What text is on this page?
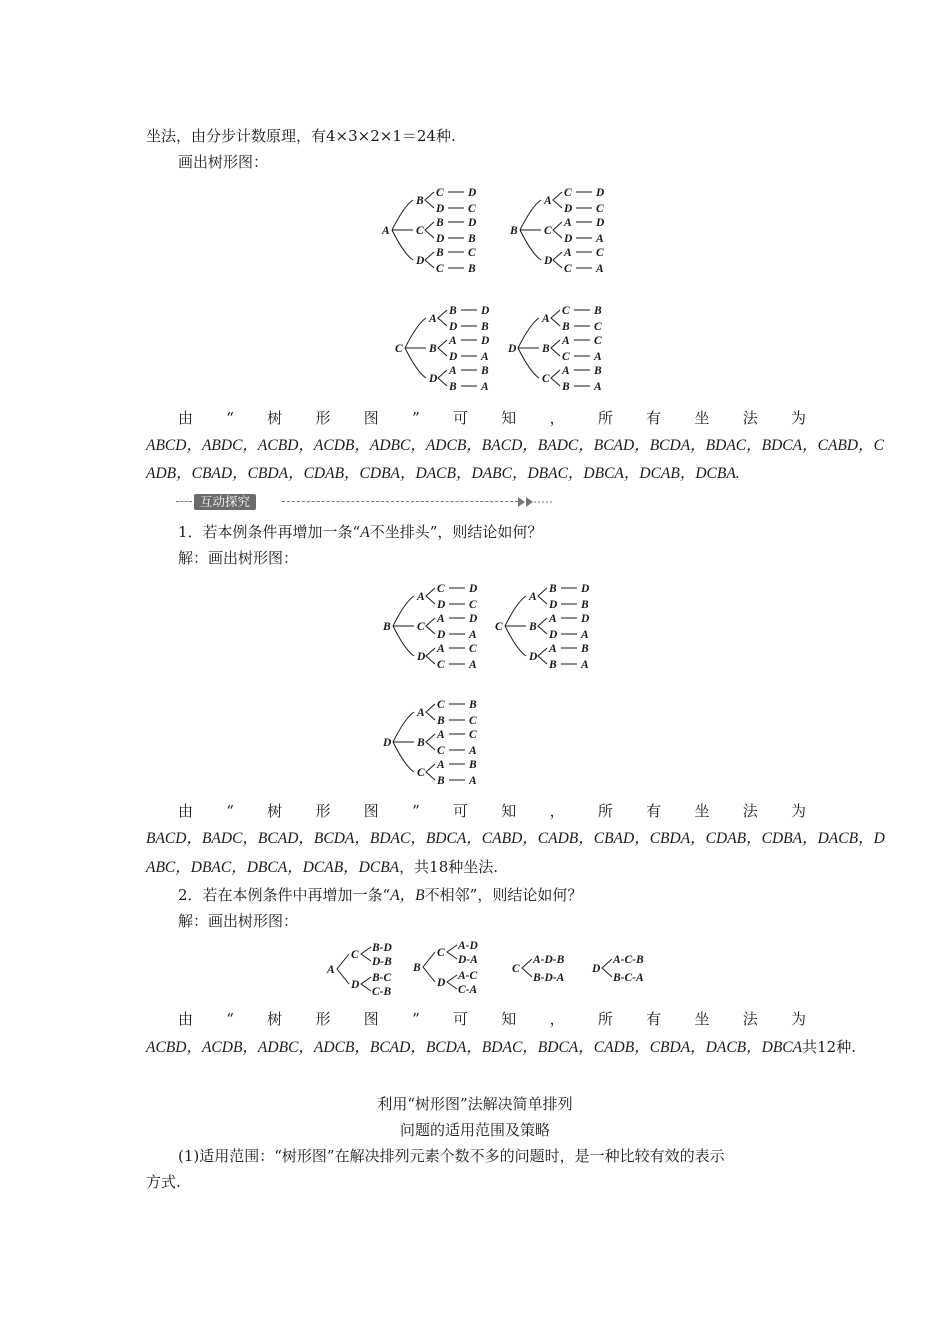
坐法，由分步计数原理，有4×3×2×1＝24种.
画出树形图：
A
B
C D
D C
C
B D
D B
D
B C
C B
B
A
C D
D C
C
A D
D A
D
A C
C A
C
A
B D
D B
B
A D
D A
D
A B
B A
D
A
C B
B C
B
A C
C A
C
A B
B A
由 “ 树 形 图 ” 可 知 ， 所 有 坐 法 为
ABCD，ABDC，ACBD，ACDB，ADBC，ADCB，BACD，BADC，BCAD，BCDA，BDAC，BDCA，CABD，C
ADB，CBAD，CBDA，CDAB，CDBA，DACB，DABC，DBAC，DBCA，DCAB，DCBA.
互动探究
1．若本例条件再增加一条“A不坐排头”，则结论如何？
解：画出树形图：
B
A
C D
D C
C
A D
D A
D
A C
C A
C
A
B D
D B
B
A D
D A
D
A B
B A
D
A
C B
B C
B
A C
C A
C
A B
B A
由 “ 树 形 图 ” 可 知 ， 所 有 坐 法 为
BACD，BADC，BCAD，BCDA，BDAC，BDCA，CABD，CADB，CBAD，CBDA，CDAB，CDBA，DACB，D
ABC，DBAC，DBCA，DCAB，DCBA，共18种坐法.
2．若在本例条件中再增加一条“A，B不相邻”，则结论如何？
解：画出树形图：
A
C
B-D
D-B
D
B-C
C-B
B
C
A-D
D-A
D
A-C
C-A
C
A-D-B
B-D-A
D
A-C-B
B-C-A
由 “ 树 形 图 ” 可 知 ， 所 有 坐 法 为
ACBD，ACDB，ADBC，ADCB，BCAD，BCDA，BDAC，BDCA，CADB，CBDA，DACB，DBCA共12种.
利用“树形图”法解决简单排列
问题的适用范围及策略
(1)适用范围：“树形图”在解决排列元素个数不多的问题时，是一种比较有效的表示
方式.
